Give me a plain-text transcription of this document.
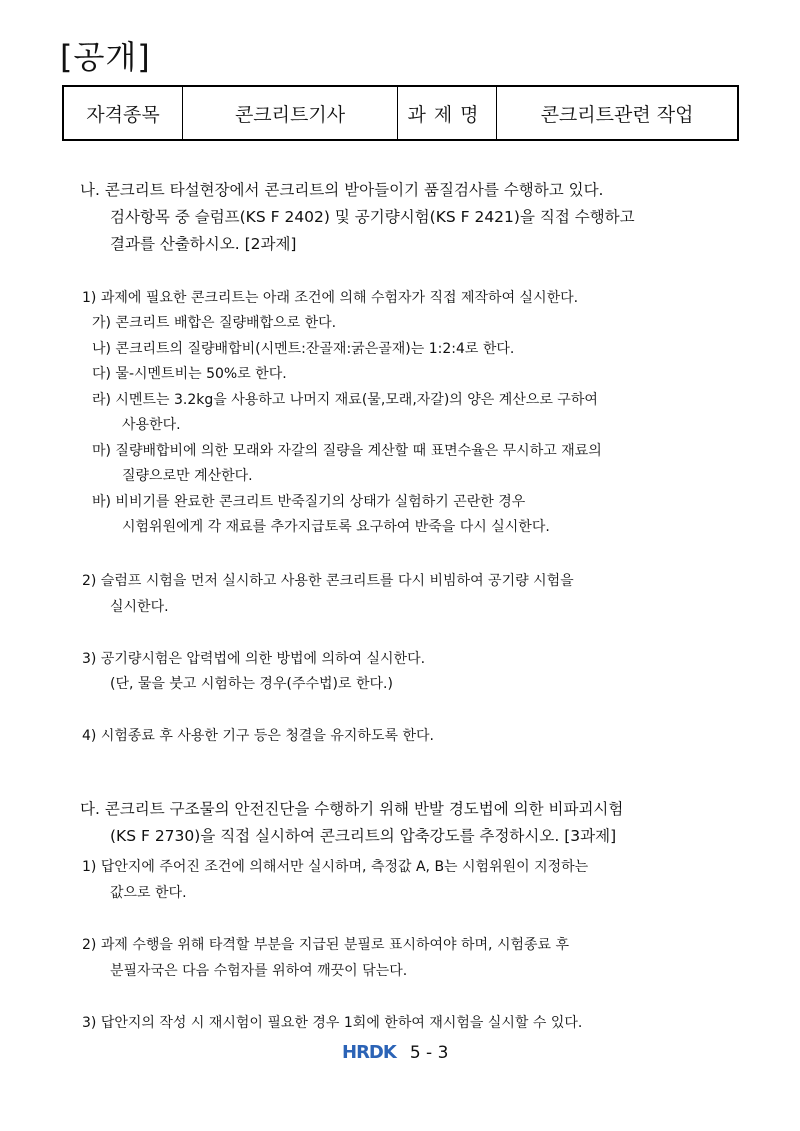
[공개]
자격종목	콘크리트기사	과제명	콘크리트관련 작업
나. 콘크리트 타설현장에서 콘크리트의 받아들이기 품질검사를 수행하고 있다.
검사항목 중 슬럼프(KS F 2402) 및 공기량시험(KS F 2421)을 직접 수행하고
결과를 산출하시오. [2과제]
1) 과제에 필요한 콘크리트는 아래 조건에 의해 수험자가 직접 제작하여 실시한다.
가) 콘크리트 배합은 질량배합으로 한다.
나) 콘크리트의 질량배합비(시멘트:잔골재:굵은골재)는 1:2:4로 한다.
다) 물-시멘트비는 50%로 한다.
라) 시멘트는 3.2kg을 사용하고 나머지 재료(물,모래,자갈)의 양은 계산으로 구하여
사용한다.
마) 질량배합비에 의한 모래와 자갈의 질량을 계산할 때 표면수율은 무시하고 재료의
질량으로만 계산한다.
바) 비비기를 완료한 콘크리트 반죽질기의 상태가 실험하기 곤란한 경우
시험위원에게 각 재료를 추가지급토록 요구하여 반죽을 다시 실시한다.
2) 슬럼프 시험을 먼저 실시하고 사용한 콘크리트를 다시 비빔하여 공기량 시험을
실시한다.
3) 공기량시험은 압력법에 의한 방법에 의하여 실시한다.
(단, 물을 붓고 시험하는 경우(주수법)로 한다.)
4) 시험종료 후 사용한 기구 등은 청결을 유지하도록 한다.
다. 콘크리트 구조물의 안전진단을 수행하기 위해 반발 경도법에 의한 비파괴시험
(KS F 2730)을 직접 실시하여 콘크리트의 압축강도를 추정하시오. [3과제]
1) 답안지에 주어진 조건에 의해서만 실시하며, 측정값 A, B는 시험위원이 지정하는
값으로 한다.
2) 과제 수행을 위해 타격할 부분을 지급된 분필로 표시하여야 하며, 시험종료 후
분필자국은 다음 수험자를 위하여 깨끗이 닦는다.
3) 답안지의 작성 시 재시험이 필요한 경우 1회에 한하여 재시험을 실시할 수 있다.
HRDK 5 - 3
